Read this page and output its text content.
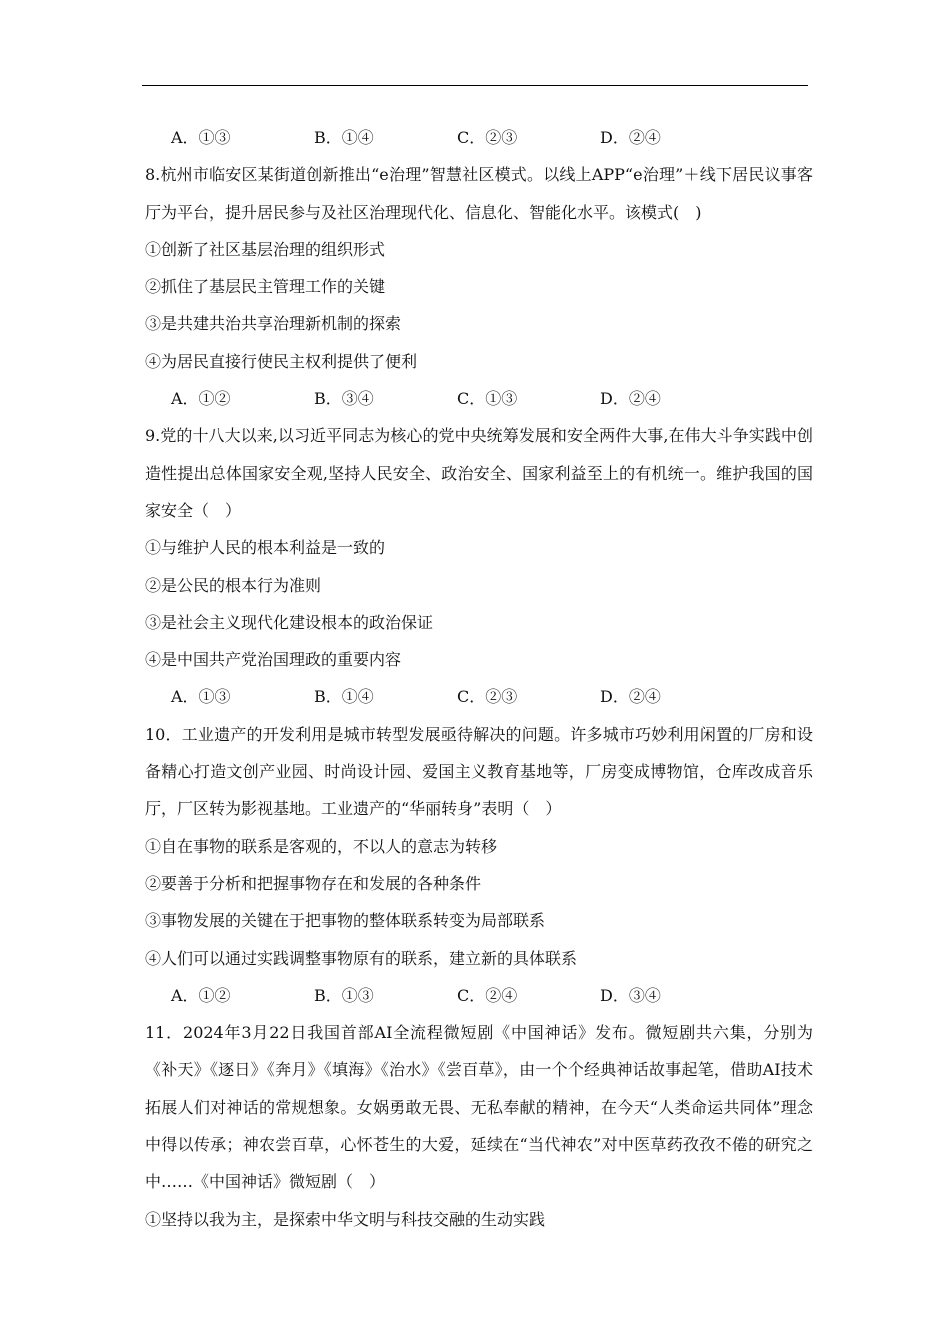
A．①③	B．①④	C．②③	D．②④
8.杭州市临安区某街道创新推出“e治理”智慧社区模式。以线上APP“e治理”＋线下居民议事客厅为平台，提升居民参与及社区治理现代化、信息化、智能化水平。该模式(　)
①创新了社区基层治理的组织形式
②抓住了基层民主管理工作的关键
③是共建共治共享治理新机制的探索
④为居民直接行使民主权利提供了便利
A．①②	B．③④	C．①③	D．②④
9.党的十八大以来,以习近平同志为核心的党中央统筹发展和安全两件大事,在伟大斗争实践中创造性提出总体国家安全观,坚持人民安全、政治安全、国家利益至上的有机统一。维护我国的国家安全（　）
①与维护人民的根本利益是一致的
②是公民的根本行为准则
③是社会主义现代化建设根本的政治保证
④是中国共产党治国理政的重要内容
A．①③	B．①④	C．②③	D．②④
10．工业遗产的开发利用是城市转型发展亟待解决的问题。许多城市巧妙利用闲置的厂房和设备精心打造文创产业园、时尚设计园、爱国主义教育基地等，厂房变成博物馆，仓库改成音乐厅，厂区转为影视基地。工业遗产的“华丽转身”表明（　）
①自在事物的联系是客观的，不以人的意志为转移
②要善于分析和把握事物存在和发展的各种条件
③事物发展的关键在于把事物的整体联系转变为局部联系
④人们可以通过实践调整事物原有的联系，建立新的具体联系
A．①②	B．①③	C．②④	D．③④
11．2024年3月22日我国首部AI全流程微短剧《中国神话》发布。微短剧共六集，分别为《补天》《逐日》《奔月》《填海》《治水》《尝百草》，由一个个经典神话故事起笔，借助AI技术拓展人们对神话的常规想象。女娲勇敢无畏、无私奉献的精神，在今天“人类命运共同体”理念中得以传承；神农尝百草，心怀苍生的大爱，延续在“当代神农”对中医草药孜孜不倦的研究之中……《中国神话》微短剧（　）
①坚持以我为主，是探索中华文明与科技交融的生动实践
